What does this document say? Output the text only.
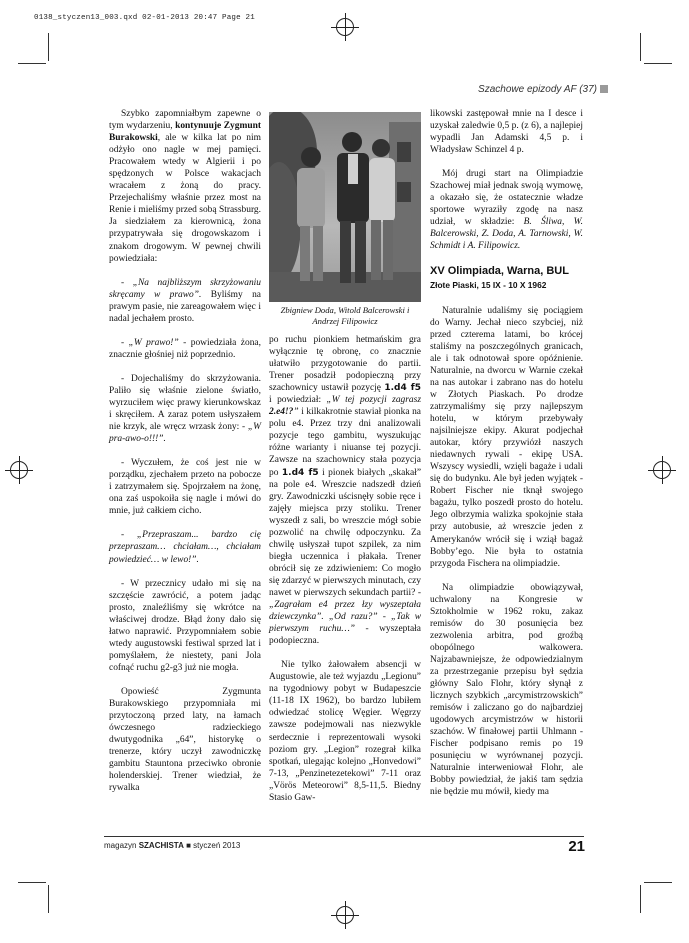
0138_styczen13_003.qxd 02-01-2013 20:47 Page 21
Szachowe epizody AF (37)

Szybko zapomniałbym zapewne o tym wydarzeniu, kontynuuje Zygmunt Burakowski, ale w kilka lat po nim odżyło ono nagle w mej pamięci. Pracowałem wtedy w Algierii i po spędzonych w Polsce wakacjach wracałem z żoną do pracy. Przejechaliśmy właśnie przez most na Renie i mieliśmy przed sobą Strassburg. Ja siedziałem za kierownicą, żona przypatrywała się drogowskazom i znakom drogowym. W pewnej chwili powiedziała:

- „Na najbliższym skrzyżowaniu skręcamy w prawo”. Byliśmy na prawym pasie, nie zareagowałem więc i nadal jechałem prosto.

- „W prawo!” - powiedziała żona, znacznie głośniej niż poprzednio.

- Dojechaliśmy do skrzyżowania. Paliło się właśnie zielone światło, wyrzuciłem więc prawy kierunkowskaz i skręciłem. A zaraz potem usłyszałem nie krzyk, ale wręcz wrzask żony: - „W pra-awo-o!!!”.

- Wyczułem, że coś jest nie w porządku, zjechałem przeto na pobocze i zatrzymałem się. Spojrzałem na żonę, ona zaś uspokoiła się nagle i mówi do mnie, już całkiem cicho.

- „Przepraszam... bardzo cię przepraszam… chciałam…, chciałam powiedzieć… w lewo!”.

- W przecznicy udało mi się na szczęście zawrócić, a potem jadąc prosto, znaleźliśmy się wkrótce na właściwej drodze. Błąd żony dało się łatwo naprawić. Przypomniałem sobie wtedy augustowski festiwal sprzed lat i pomyślałem, że niestety, pani Jola cofnąć ruchu g2-g3 już nie mogła.

Opowieść Zygmunta Burakowskiego przypomniała mi przytoczoną przed laty, na łamach ówczesnego radzieckiego dwutygodnika „64”, historykę o trenerze, który uczył zawodniczkę gambitu Stauntona przeciwko obronie holenderskiej. Trener wiedział, że rywalka

Zbigniew Doda, Witold Balcerowski i Andrzej Filipowicz

po ruchu pionkiem hetmańskim gra wyłącznie tę obronę, co znacznie ułatwiło przygotowanie do partii. Trener posadził podopieczną przy szachownicy ustawił pozycję 1.d4 f5 i powiedział: „W tej pozycji zagrasz 2.e4!?” i kilkakrotnie stawiał pionka na polu e4. Przez trzy dni analizowali pozycje tego gambitu, wyszukując różne warianty i niuanse tej pozycji. Zawsze na szachownicy stała pozycja po 1.d4 f5 i pionek białych „skakał” na pole e4. Wreszcie nadszedł dzień gry. Zawodniczki uścisnęły sobie ręce i zajęły miejsca przy stoliku. Trener wyszedł z sali, bo wreszcie mógł sobie pozwolić na chwilę odpoczynku. Za chwilę usłyszał tupot szpilek, za nim biegła uczennica i płakała. Trener obrócił się ze zdziwieniem: Co mogło się zdarzyć w pierwszych minutach, czy nawet w pierwszych sekundach partii? - „Zagrałam e4 przez łzy wyszeptała dziewczynka”. „Od razu?” - „Tak w pierwszym ruchu…” - wyszeptała podopieczna.

Nie tylko żałowałem absencji w Augustowie, ale też wyjazdu „Legionu” na tygodniowy pobyt w Budapeszcie (11-18 IX 1962), bo bardzo lubiłem odwiedzać stolicę Węgier. Węgrzy zawsze podejmowali nas niezwykle serdecznie i reprezentowali wysoki poziom gry. „Legion” rozegrał kilka spotkań, ulegając kolejno „Honvedowi” 7-13, „Penzinetezetekowi” 7-11 oraz „Vörös Meteorowi” 8,5-11,5. Biedny Stasio Gaw-

likowski zastępował mnie na I desce i uzyskał zaledwie 0,5 p. (z 6), a najlepiej wypadli Jan Adamski 4,5 p. i Władysław Schinzel 4 p.

Mój drugi start na Olimpiadzie Szachowej miał jednak swoją wymowę, a okazało się, że ostatecznie władze sportowe wyraziły zgodę na nasz udział, w składzie: B. Śliwa, W. Balcerowski, Z. Doda, A. Tarnowski, W. Schmidt i A. Filipowicz.

XV Olimpiada, Warna, BUL
Złote Piaski, 15 IX - 10 X 1962

Naturalnie udaliśmy się pociągiem do Warny. Jechał nieco szybciej, niż przed czterema latami, bo krócej staliśmy na poszczególnych granicach, ale i tak odnotował spore opóźnienie. Naturalnie, na dworcu w Warnie czekał na nas autokar i zabrano nas do hotelu w Złotych Piaskach. Po drodze zatrzymaliśmy się przy najlepszym hotelu, w którym przebywały najsilniejsze ekipy. Akurat podjechał autokar, który przywiózł naszych niedawnych rywali - ekipę USA. Wszyscy wysiedli, wzięli bagaże i udali się do budynku. Ale był jeden wyjątek - Robert Fischer nie tknął swojego bagażu, tylko poszedł prosto do hotelu. Jego olbrzymia walizka spokojnie stała przy autobusie, aż wreszcie jeden z Amerykanów wrócił się i wziął bagaż Bobby’ego. Nie była to ostatnia przygoda Fischera na olimpiadzie.

Na olimpiadzie obowiązywał, uchwalony na Kongresie w Sztokholmie w 1962 roku, zakaz remisów do 30 posunięcia bez zezwolenia arbitra, pod groźbą obopólnego walkowera. Najzabawniejsze, że odpowiedzialnym za przestrzeganie przepisu był sędzia główny Salo Flohr, który słynął z licznych szybkich „arcymistrzowskich” remisów i zaliczano go do najbardziej ugodowych arcymistrzów w historii szachów. W finałowej partii Uhlmann - Fischer podpisano remis po 19 posunięciu w wyrównanej pozycji. Naturalnie interweniował Flohr, ale Bobby powiedział, że jakiś tam sędzia nie będzie mu mówił, kiedy ma

magazyn SZACHISTA ■ styczeń 2013	21
